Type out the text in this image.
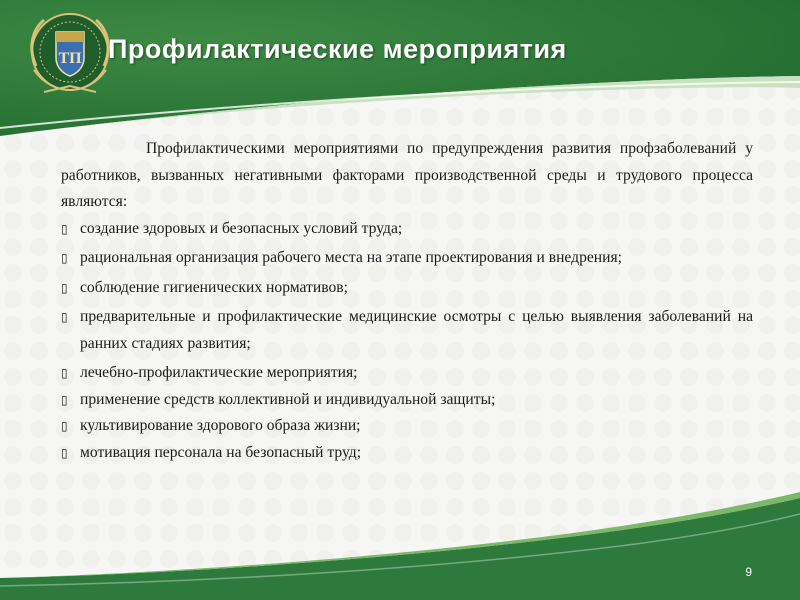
ТП Профилактические мероприятия

Профилактическими мероприятиями по предупреждения развития профзаболеваний у работников, вызванных негативными факторами производственной среды и трудового процесса являются:

▯ создание здоровых и безопасных условий труда;
▯ рациональная организация рабочего места на этапе проектирования и внедрения;
▯ соблюдение гигиенических нормативов;
▯ предварительные и профилактические медицинские осмотры с целью выявления заболеваний на ранних стадиях развития;
▯ лечебно-профилактические мероприятия;
▯ применение средств коллективной и индивидуальной защиты;
▯ культивирование здорового образа жизни;
▯ мотивация персонала на безопасный труд;
9
